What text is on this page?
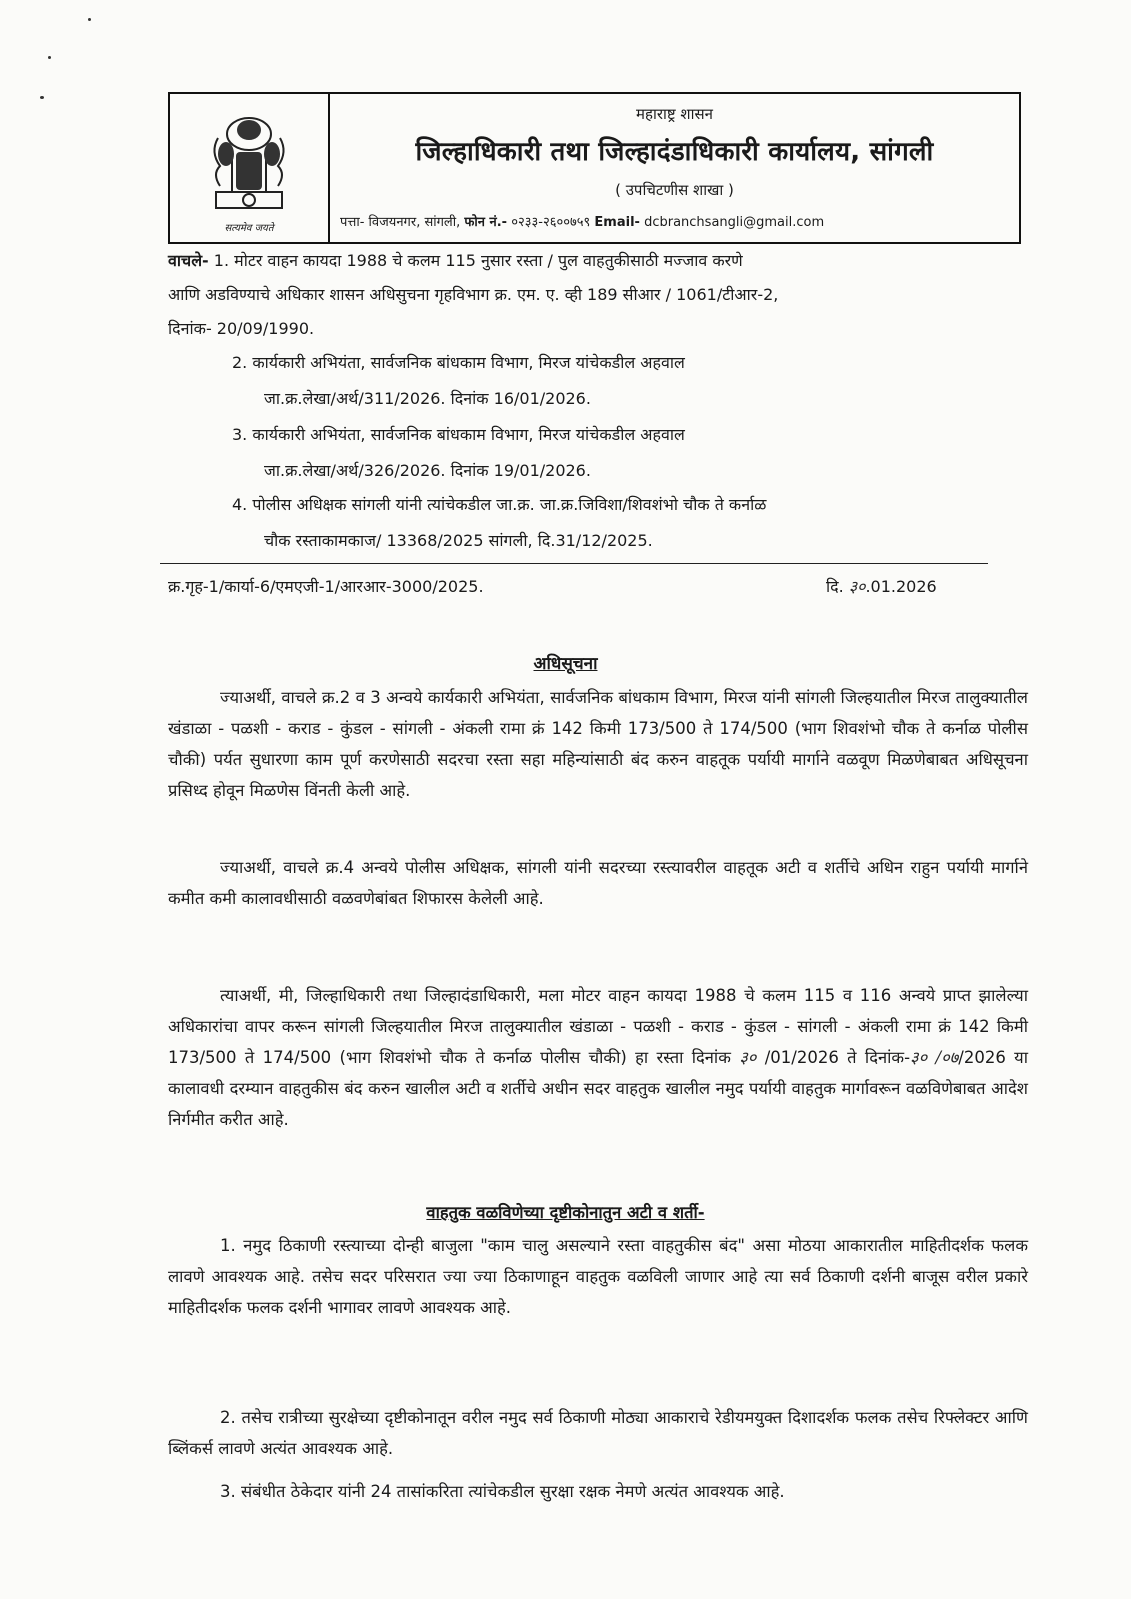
सत्यमेव जयते
महाराष्ट्र शासन
जिल्हाधिकारी तथा जिल्हादंडाधिकारी कार्यालय, सांगली
( उपचिटणीस शाखा )
पत्ता- विजयनगर, सांगली, फोन नं.- ०२३३-२६००७५९ Email- dcbranchsangli@gmail.com
वाचले- 1. मोटर वाहन कायदा 1988 चे कलम 115 नुसार रस्ता / पुल वाहतुकीसाठी मज्जाव करणे
आणि अडविण्याचे अधिकार शासन अधिसुचना गृहविभाग क्र. एम. ए. व्ही 189 सीआर / 1061/टीआर-2,
दिनांक- 20/09/1990.
2. कार्यकारी अभियंता, सार्वजनिक बांधकाम विभाग, मिरज यांचेकडील अहवाल
जा.क्र.लेखा/अर्थ/311/2026. दिनांक 16/01/2026.
3. कार्यकारी अभियंता, सार्वजनिक बांधकाम विभाग, मिरज यांचेकडील अहवाल
जा.क्र.लेखा/अर्थ/326/2026. दिनांक 19/01/2026.
4. पोलीस अधिक्षक सांगली यांनी त्यांचेकडील जा.क्र. जा.क्र.जिविशा/शिवशंभो चौक ते कर्नाळ
चौक रस्ताकामकाज/ 13368/2025 सांगली, दि.31/12/2025.
क्र.गृह-1/कार्या-6/एमएजी-1/आरआर-3000/2025.	दि. ३०.01.2026
अधिसूचना
ज्याअर्थी, वाचले क्र.2 व 3 अन्वये कार्यकारी अभियंता, सार्वजनिक बांधकाम विभाग, मिरज यांनी सांगली जिल्हयातील मिरज तालुक्यातील खंडाळा - पळशी - कराड - कुंडल - सांगली - अंकली रामा क्रं 142 किमी 173/500 ते 174/500 (भाग शिवशंभो चौक ते कर्नाळ पोलीस चौकी) पर्यत सुधारणा काम पूर्ण करणेसाठी सदरचा रस्ता सहा महिन्यांसाठी बंद करुन वाहतूक पर्यायी मार्गाने वळवूण मिळणेबाबत अधिसूचना प्रसिध्द होवून मिळणेस विंनती केली आहे.
ज्याअर्थी, वाचले क्र.4 अन्वये पोलीस अधिक्षक, सांगली यांनी सदरच्या रस्त्यावरील वाहतूक अटी व शर्तीचे अधिन राहुन पर्यायी मार्गाने कमीत कमी कालावधीसाठी वळवणेबांबत शिफारस केलेली आहे.
त्याअर्थी, मी, जिल्हाधिकारी तथा जिल्हादंडाधिकारी, मला मोटर वाहन कायदा 1988 चे कलम 115 व 116 अन्वये प्राप्त झालेल्या अधिकारांचा वापर करून सांगली जिल्हयातील मिरज तालुक्यातील खंडाळा - पळशी - कराड - कुंडल - सांगली - अंकली रामा क्रं 142 किमी 173/500 ते 174/500 (भाग शिवशंभो चौक ते कर्नाळ पोलीस चौकी) हा रस्ता दिनांक ३० /01/2026 ते दिनांक-३० /०७/2026 या कालावधी दरम्यान वाहतुकीस बंद करुन खालील अटी व शर्तीचे अधीन सदर वाहतुक खालील नमुद पर्यायी वाहतुक मार्गावरून वळविणेबाबत आदेश निर्गमीत करीत आहे.
वाहतुक वळविणेच्या दृष्टीकोनातुन अटी व शर्ती-
1. नमुद ठिकाणी रस्त्याच्या दोन्ही बाजुला "काम चालु असल्याने रस्ता वाहतुकीस बंद" असा मोठया आकारातील माहितीदर्शक फलक लावणे आवश्यक आहे. तसेच सदर परिसरात ज्या ज्या ठिकाणाहून वाहतुक वळविली जाणार आहे त्या सर्व ठिकाणी दर्शनी बाजूस वरील प्रकारे माहितीदर्शक फलक दर्शनी भागावर लावणे आवश्यक आहे.
2. तसेच रात्रीच्या सुरक्षेच्या दृष्टीकोनातून वरील नमुद सर्व ठिकाणी मोठ्या आकाराचे रेडीयमयुक्त दिशादर्शक फलक तसेच रिफ्लेक्टर आणि ब्लिंकर्स लावणे अत्यंत आवश्यक आहे.
3. संबंधीत ठेकेदार यांनी 24 तासांकरिता त्यांचेकडील सुरक्षा रक्षक नेमणे अत्यंत आवश्यक आहे.
